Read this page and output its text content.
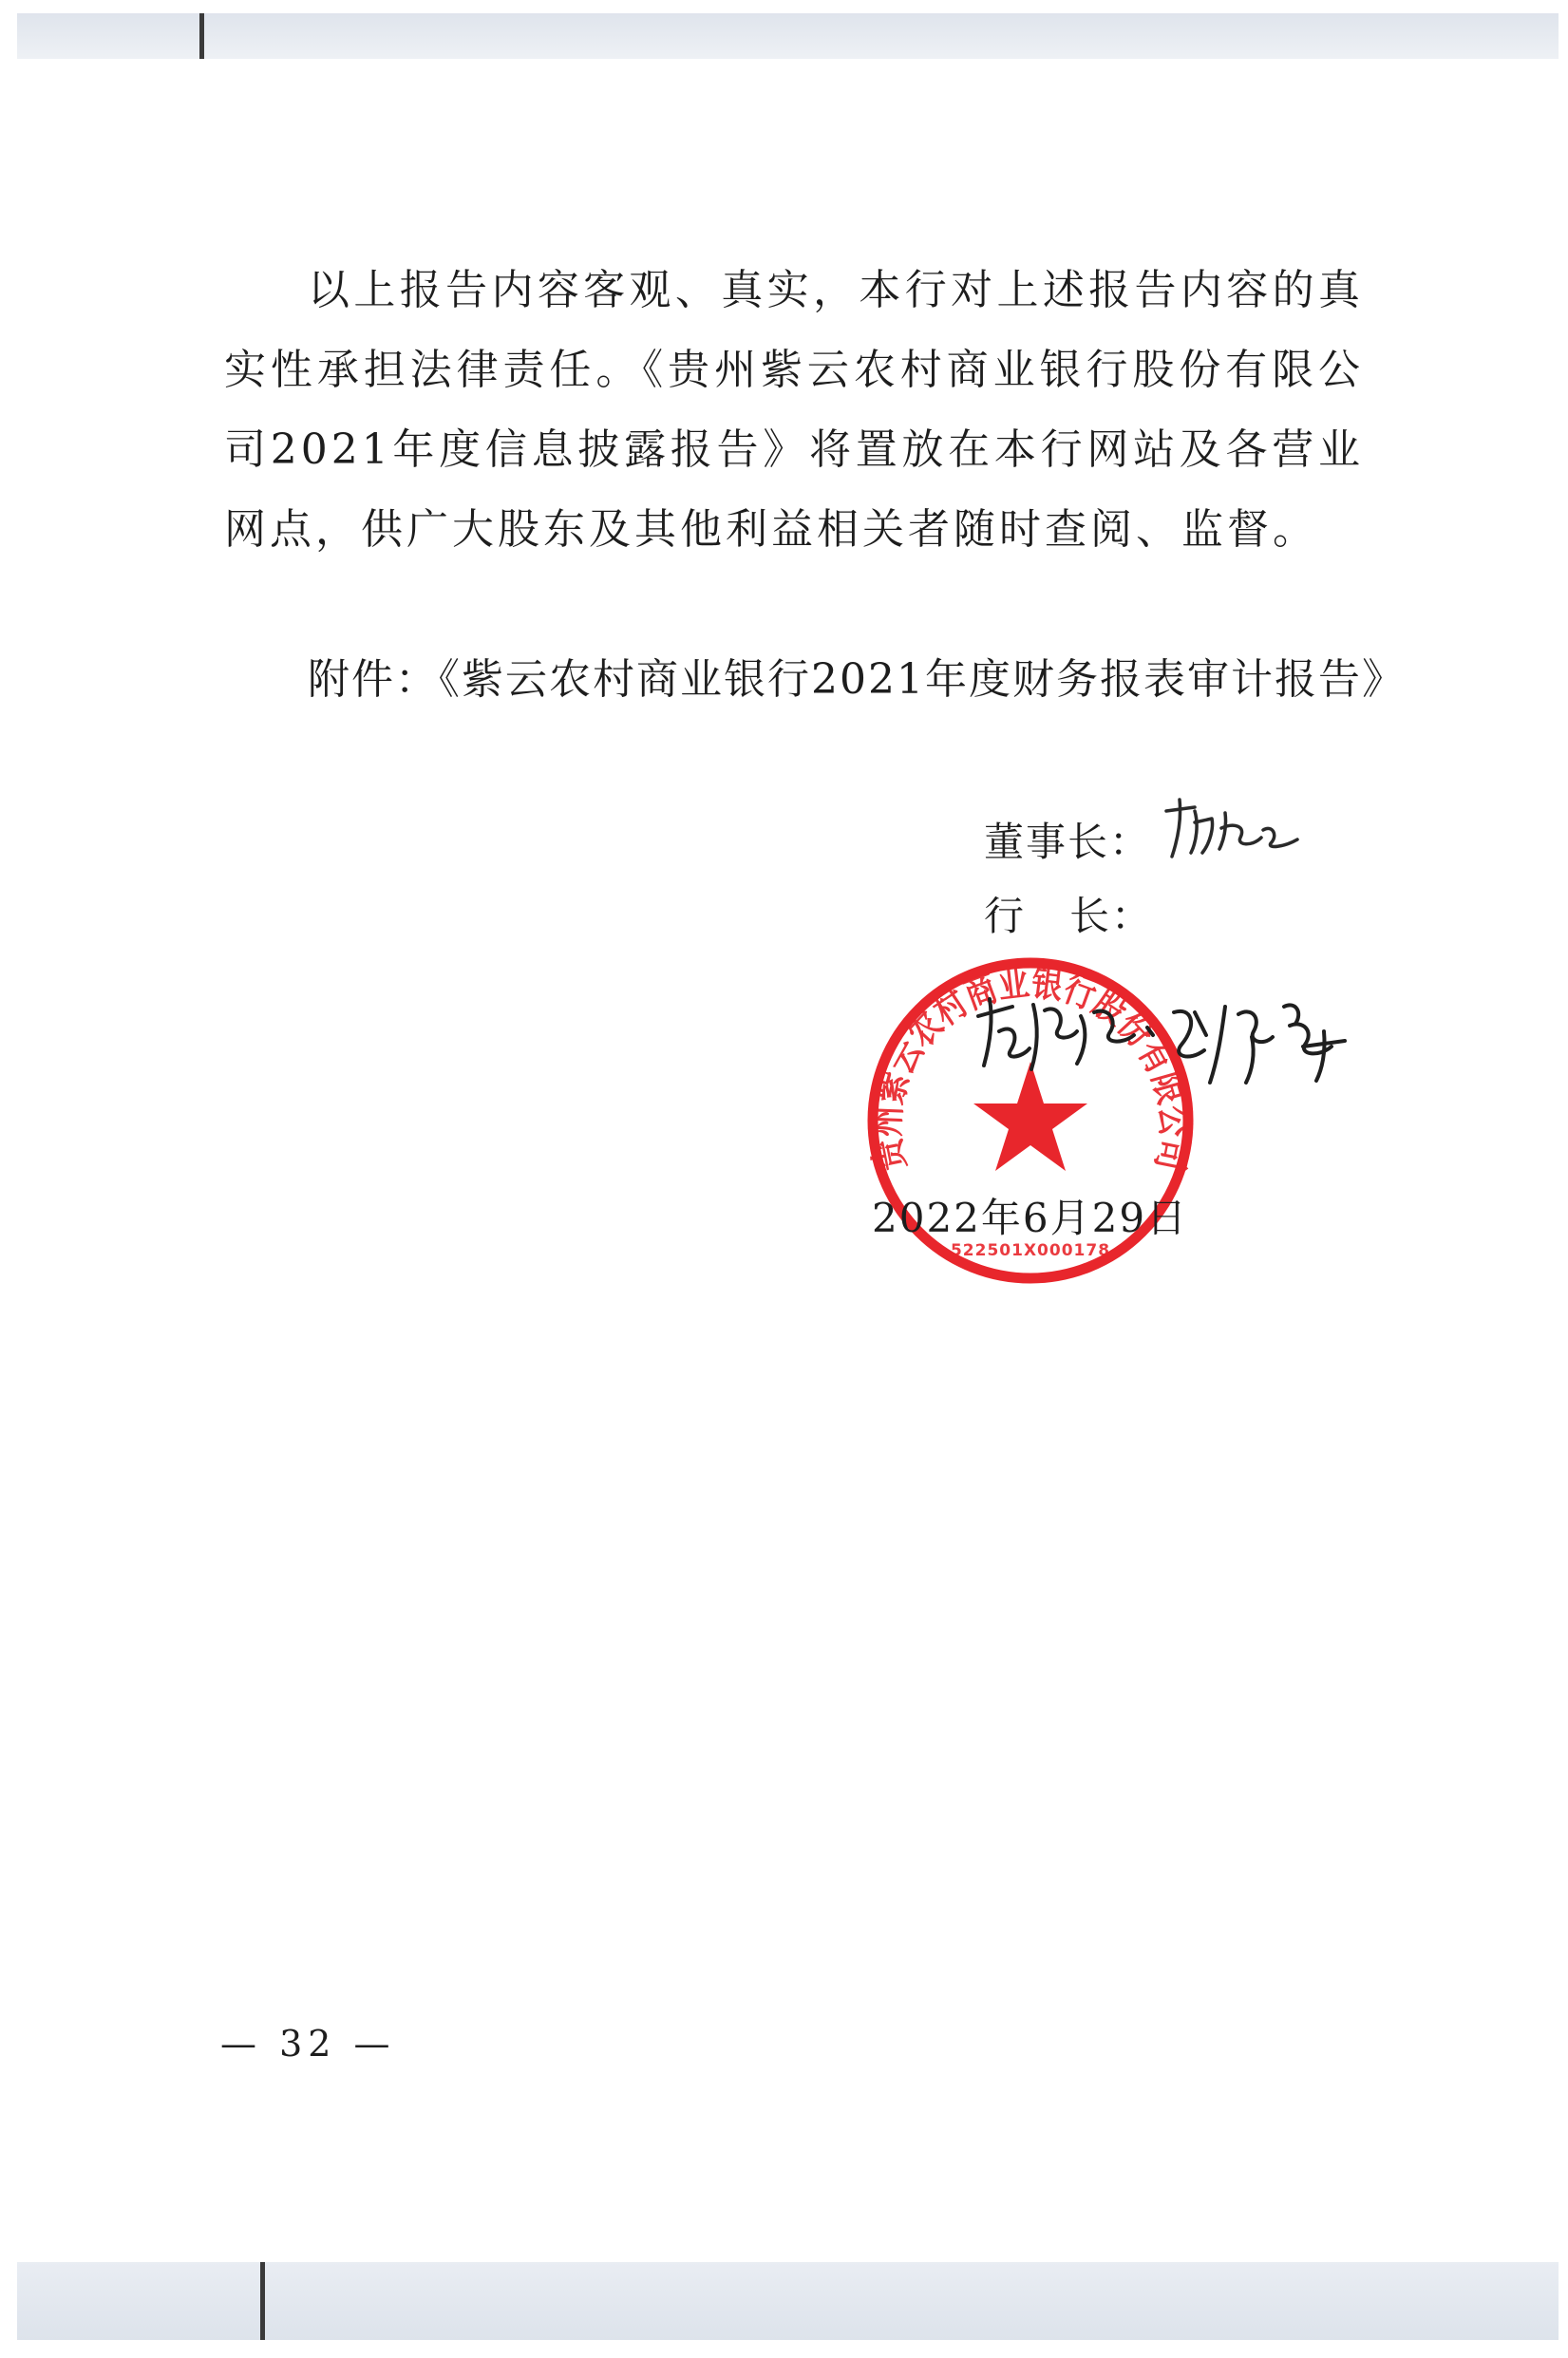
以上报告内容客观、真实，本行对上述报告内容的真实性承担法律责任。《贵州紫云农村商业银行股份有限公司2021年度信息披露报告》将置放在本行网站及各营业网点，供广大股东及其他利益相关者随时查阅、监督。

附件：《紫云农村商业银行2021年度财务报表审计报告》

董事长：
行 长：
贵州紫云农村商业银行股份有限公司
522501X000178
2022年6月29日
— 32 —
